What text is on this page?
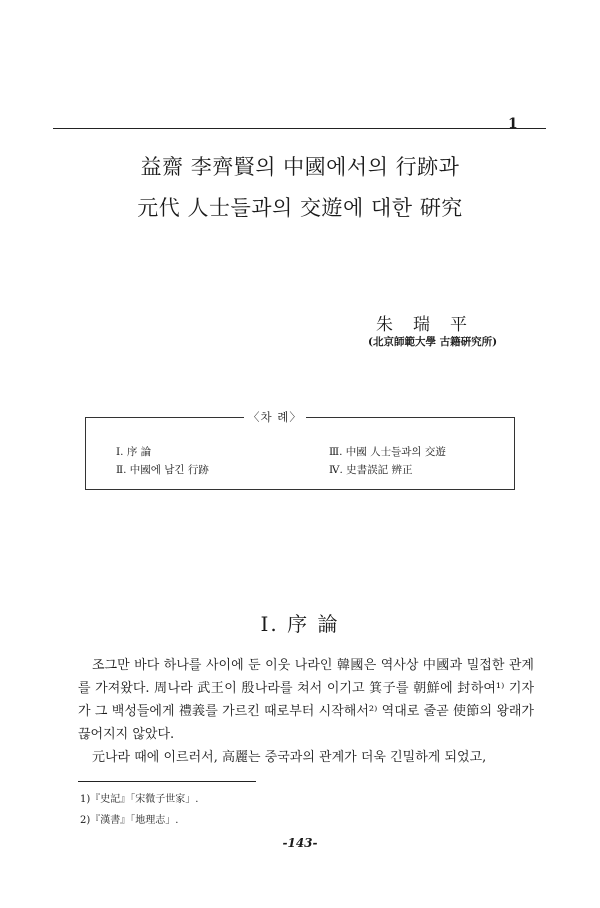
1
益齋 李齊賢의 中國에서의 行跡과
元代 人士들과의 交遊에 대한 硏究
朱瑞平
(北京師範大學 古籍硏究所)
〈차 례〉
Ⅰ. 序 論
Ⅱ. 中國에 남긴 行跡
Ⅲ. 中國 人士들과의 交遊
Ⅳ. 史書誤記 辨正
Ⅰ. 序 論

조그만 바다 하나를 사이에 둔 이웃 나라인 韓國은 역사상 中國과 밀접한 관계를 가져왔다. 周나라 武王이 殷나라를 쳐서 이기고 箕子를 朝鮮에 封하여¹⁾ 기자가 그 백성들에게 禮義를 가르킨 때로부터 시작해서²⁾ 역대로 줄곧 使節의 왕래가 끊어지지 않았다.

元나라 때에 이르러서, 高麗는 중국과의 관계가 더욱 긴밀하게 되었고,

1)『史記』「宋微子世家」.
2)『漢書』「地理志」.
-143-
